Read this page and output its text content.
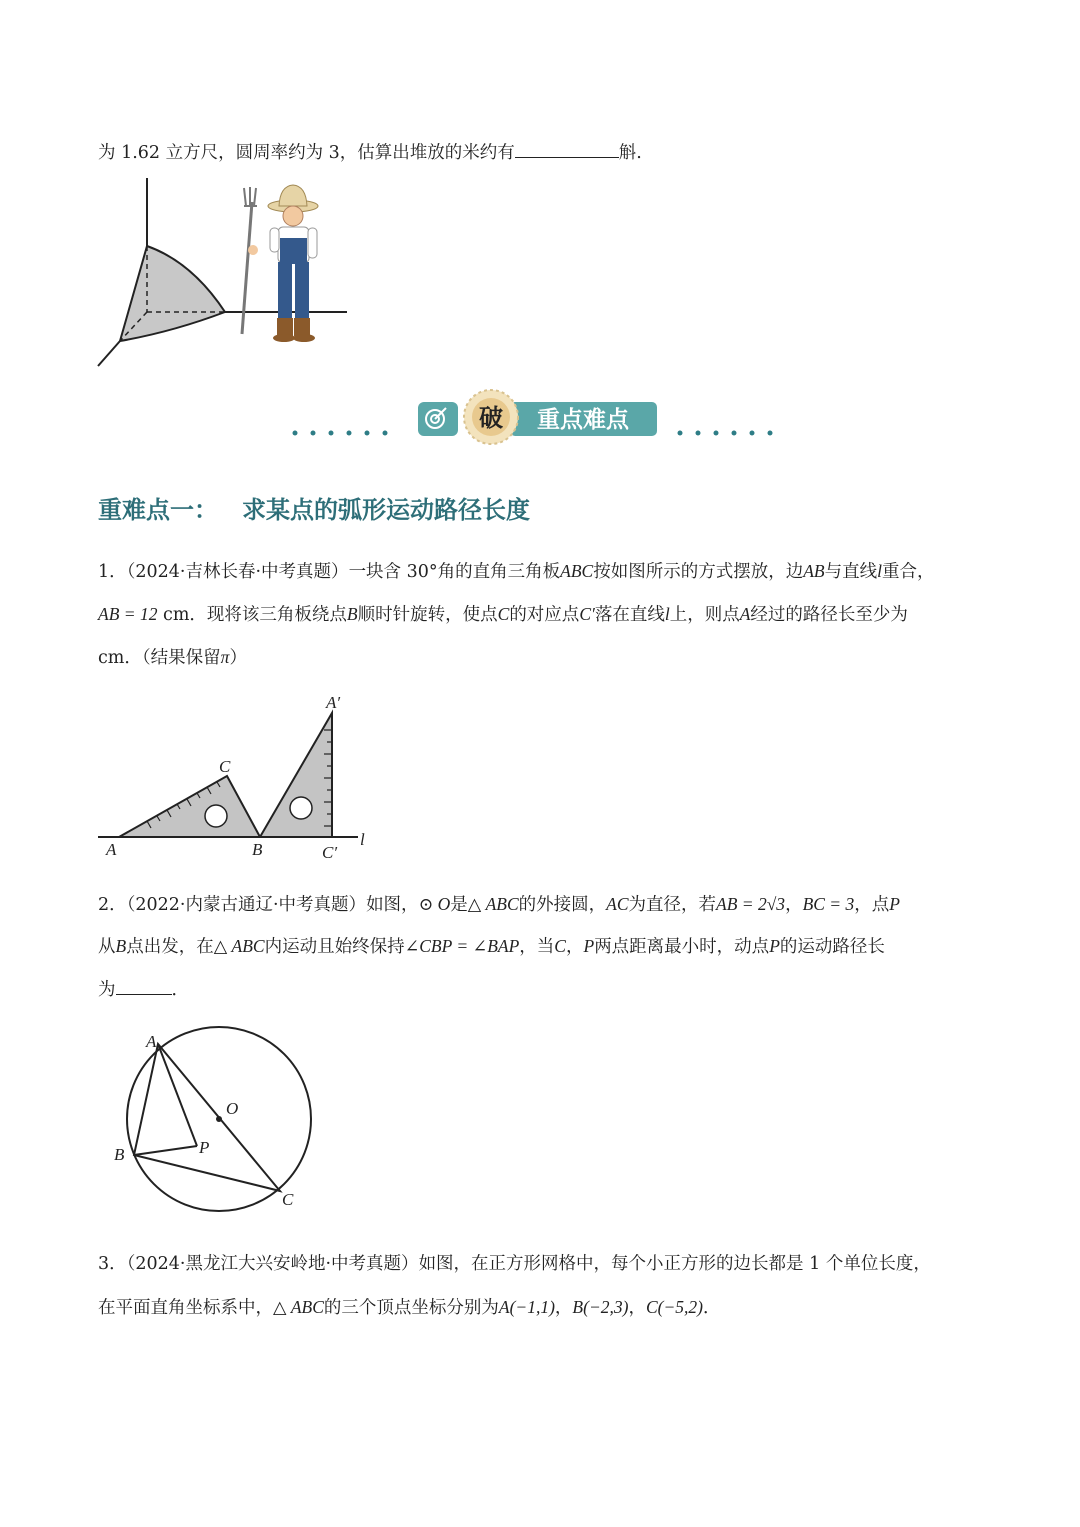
为 1.62 立方尺，圆周率约为 3，估算出堆放的米约有	斛.
破 重点难点
重难点一： 求某点的弧形运动路径长度
1．（2024·吉林长春·中考真题）一块含 30°角的直角三角板ABC按如图所示的方式摆放，边AB与直线l重合，
AB = 12 cm．现将该三角板绕点B顺时针旋转，使点C的对应点C′落在直线l上，则点A经过的路径长至少为
cm．（结果保留π）
A	B
C
A′
C′
l
2．（2022·内蒙古通辽·中考真题）如图，⊙ O是△ ABC的外接圆，AC为直径，若AB = 2√3，BC = 3，点P
从B点出发，在△ ABC内运动且始终保持∠CBP = ∠BAP，当C，P两点距离最小时，动点P的运动路径长
为	．
A
B
C
O
P
3．（2024·黑龙江大兴安岭地·中考真题）如图，在正方形网格中，每个小正方形的边长都是 1 个单位长度，
在平面直角坐标系中，△ ABC的三个顶点坐标分别为A(−1,1)，B(−2,3)，C(−5,2)．
